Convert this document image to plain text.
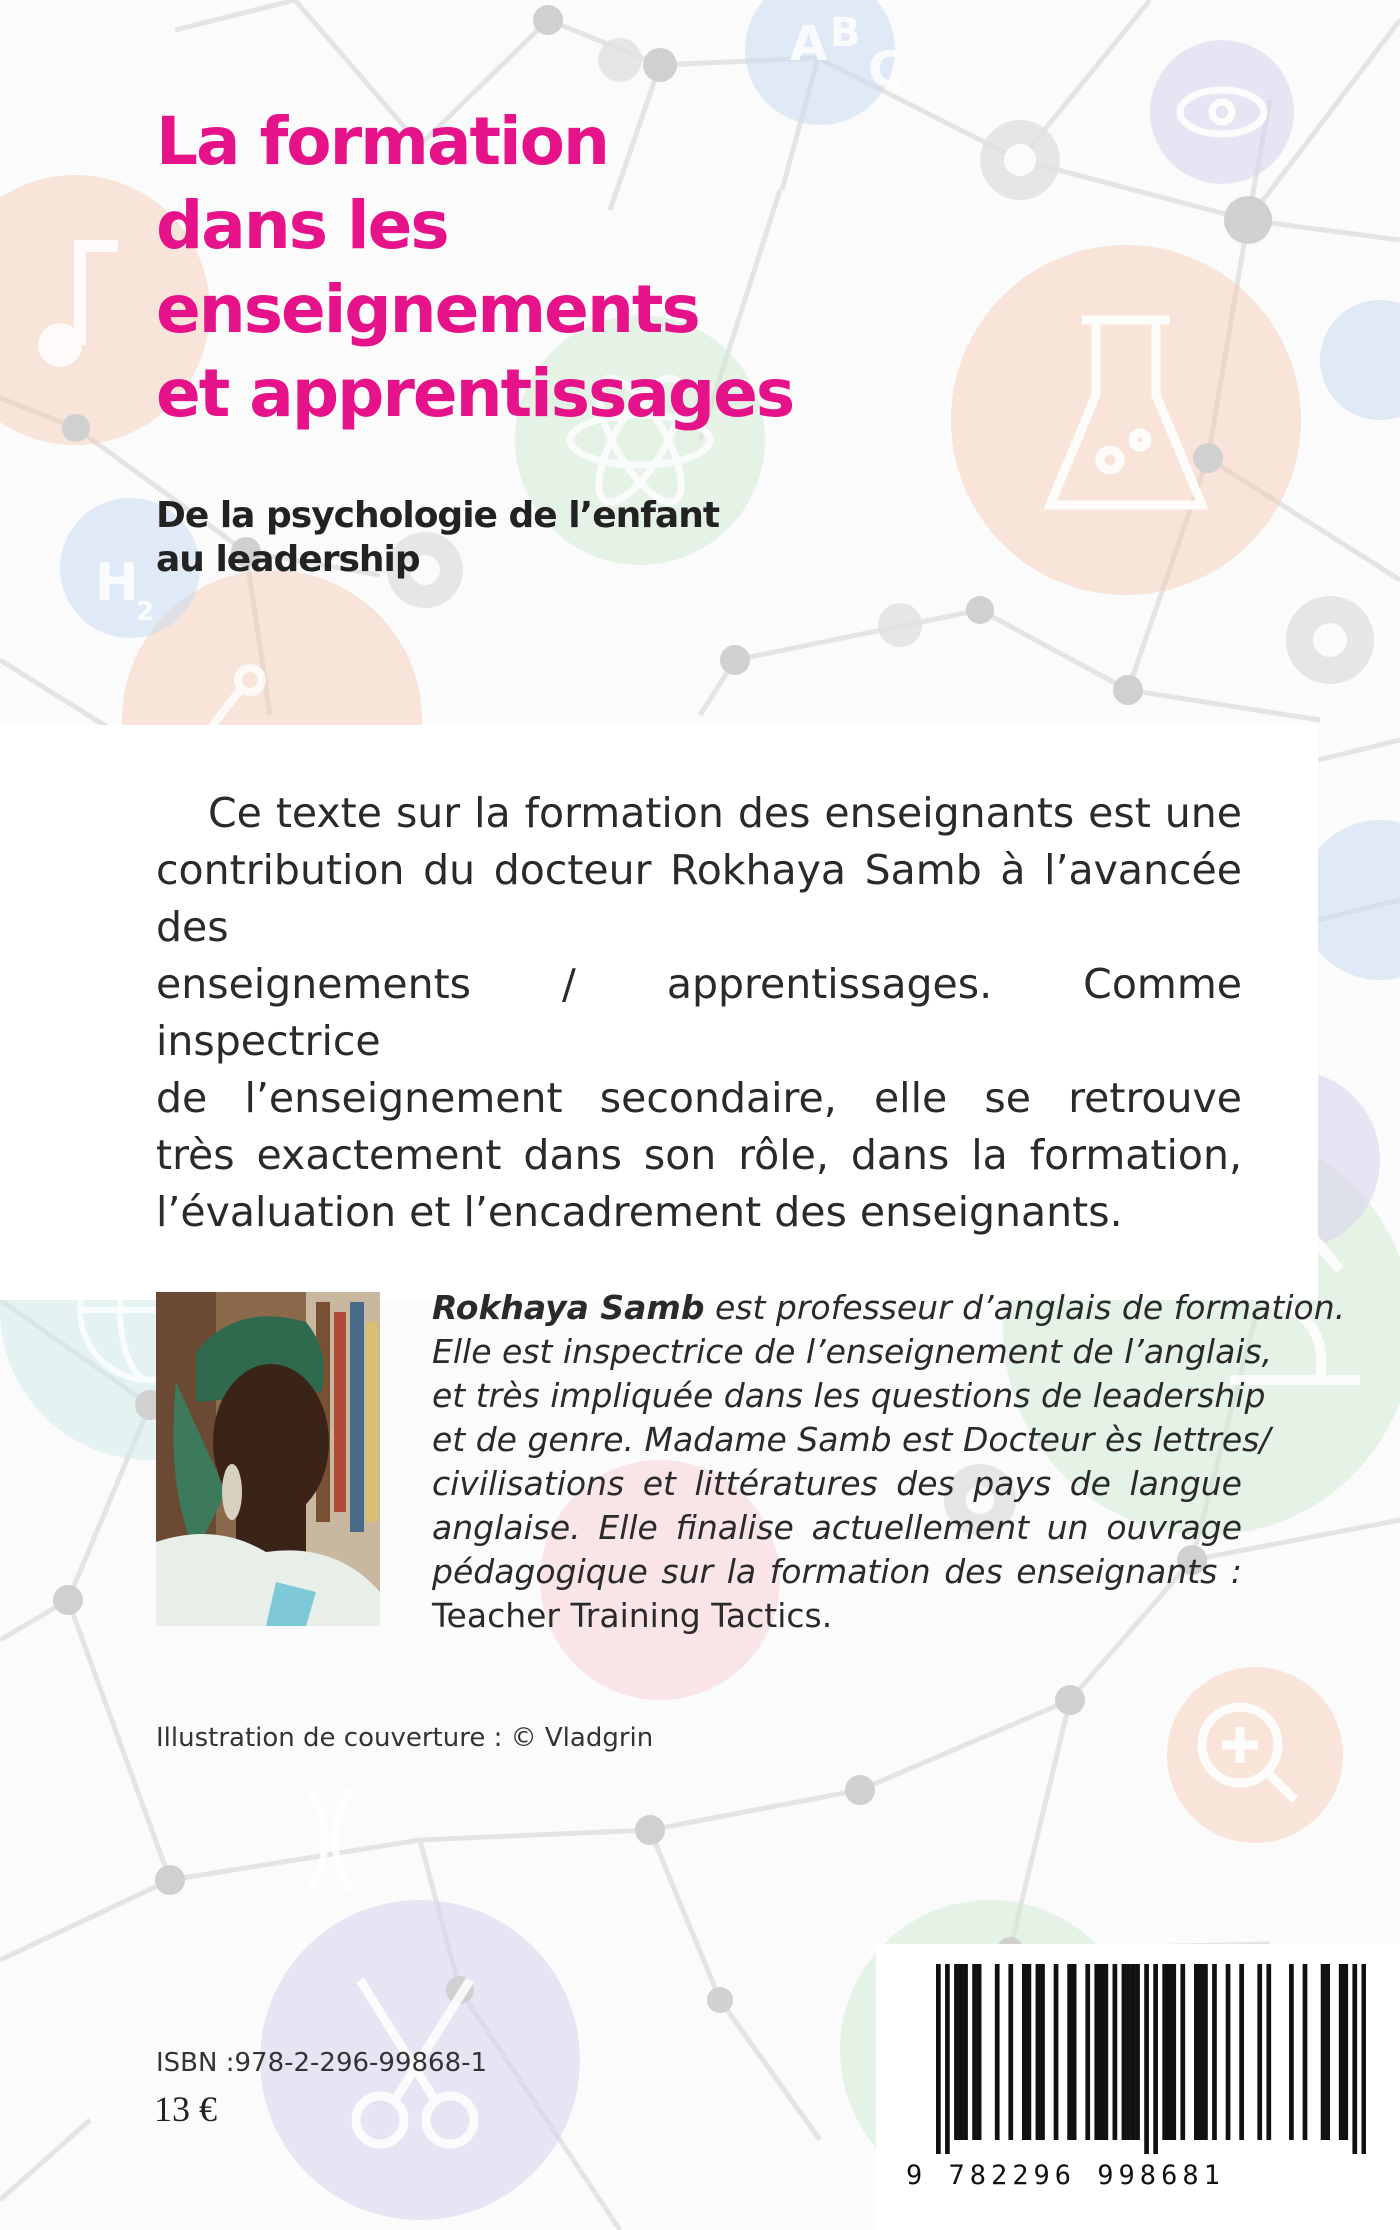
A B
C
H
2
La formation
dans les
enseignements
et apprentissages
De la psychologie de l’enfant
au leadership

Ce texte sur la formation des enseignants est une
contribution du docteur Rokhaya Samb à l’avancée des
enseignements / apprentissages. Comme inspectrice
de l’enseignement secondaire, elle se retrouve
très exactement dans son rôle, dans la formation,
l’évaluation et l’encadrement des enseignants.

Rokhaya Samb est professeur d’anglais de formation.
Elle est inspectrice de l’enseignement de l’anglais,
et très impliquée dans les questions de leadership
et de genre. Madame Samb est Docteur ès lettres/
civilisations et littératures des pays de langue
anglaise. Elle finalise actuellement un ouvrage
pédagogique sur la formation des enseignants :
Teacher Training Tactics.

Illustration de couverture : © Vladgrin

ISBN :978-2-296-99868-1

13 €

9 782296 998681
